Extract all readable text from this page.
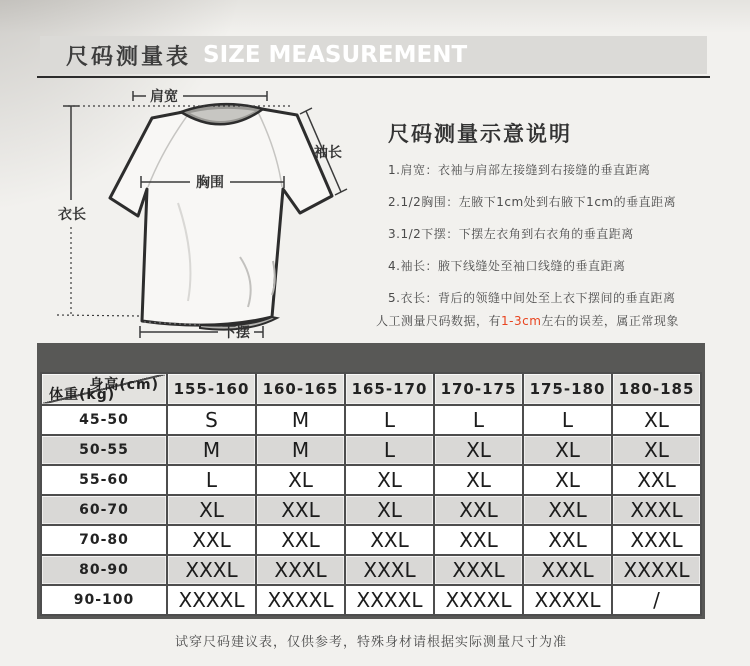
尺码测量表 SIZE MEASUREMENT
肩宽
袖长
胸围
衣长
下摆
尺码测量示意说明
1.肩宽：衣袖与肩部左接缝到右接缝的垂直距离
2.1/2胸围：左腋下1cm处到右腋下1cm的垂直距离
3.1/2下摆：下摆左衣角到右衣角的垂直距离
4.袖长：腋下线缝处至袖口线缝的垂直距离
5.衣长：背后的领缝中间处至上衣下摆间的垂直距离
人工测量尺码数据，有1-3cm左右的误差，属正常现象
身高(cm)
体重(kg)	155-160	160-165	165-170	170-175	175-180	180-185
45-50	S	M	L	L	L	XL
50-55	M	M	L	XL	XL	XL
55-60	L	XL	XL	XL	XL	XXL
60-70	XL	XXL	XL	XXL	XXL	XXXL
70-80	XXL	XXL	XXL	XXL	XXL	XXXL
80-90	XXXL	XXXL	XXXL	XXXL	XXXL	XXXXL
90-100	XXXXL	XXXXL	XXXXL	XXXXL	XXXXL	/
试穿尺码建议表，仅供参考，特殊身材请根据实际测量尺寸为准
